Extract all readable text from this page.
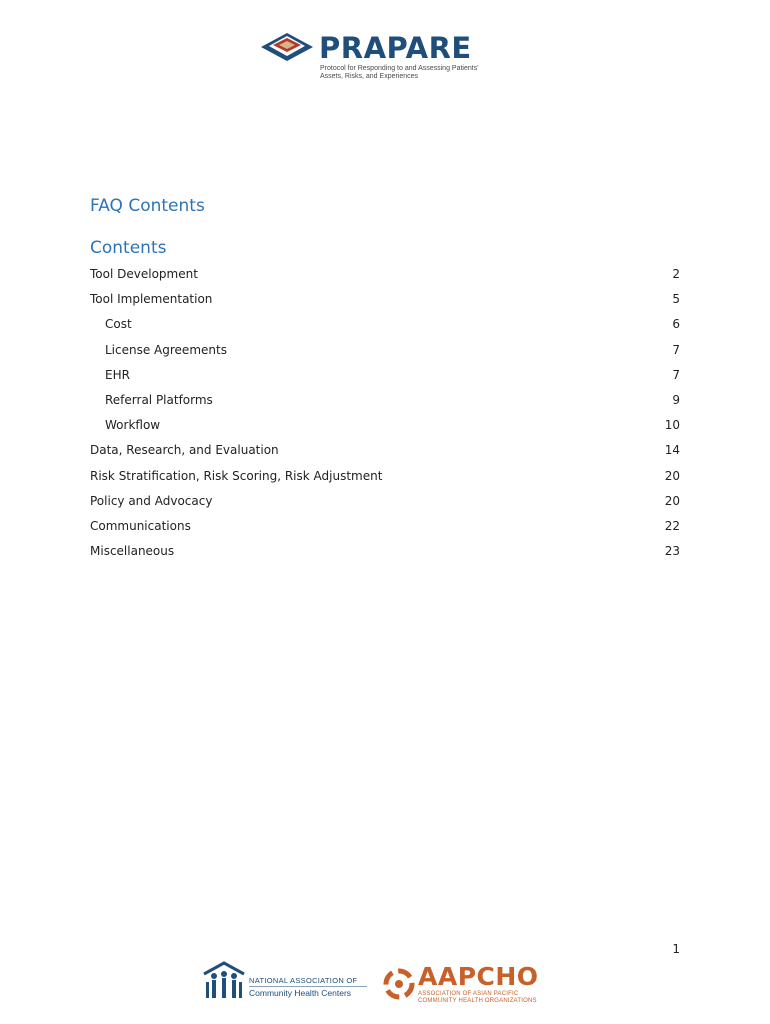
PRAPARE
Protocol for Responding to and Assessing Patients' Assets, Risks, and Experiences
FAQ Contents
Contents
Tool Development	2
Tool Implementation	5
Cost	6
License Agreements	7
EHR	7
Referral Platforms	9
Workflow	10
Data, Research, and Evaluation	14
Risk Stratification, Risk Scoring, Risk Adjustment	20
Policy and Advocacy	20
Communications	22
Miscellaneous	23
1
NATIONAL ASSOCIATION OF
Community Health Centers
AAPCHO
ASSOCIATION OF ASIAN PACIFIC
COMMUNITY HEALTH ORGANIZATIONS
